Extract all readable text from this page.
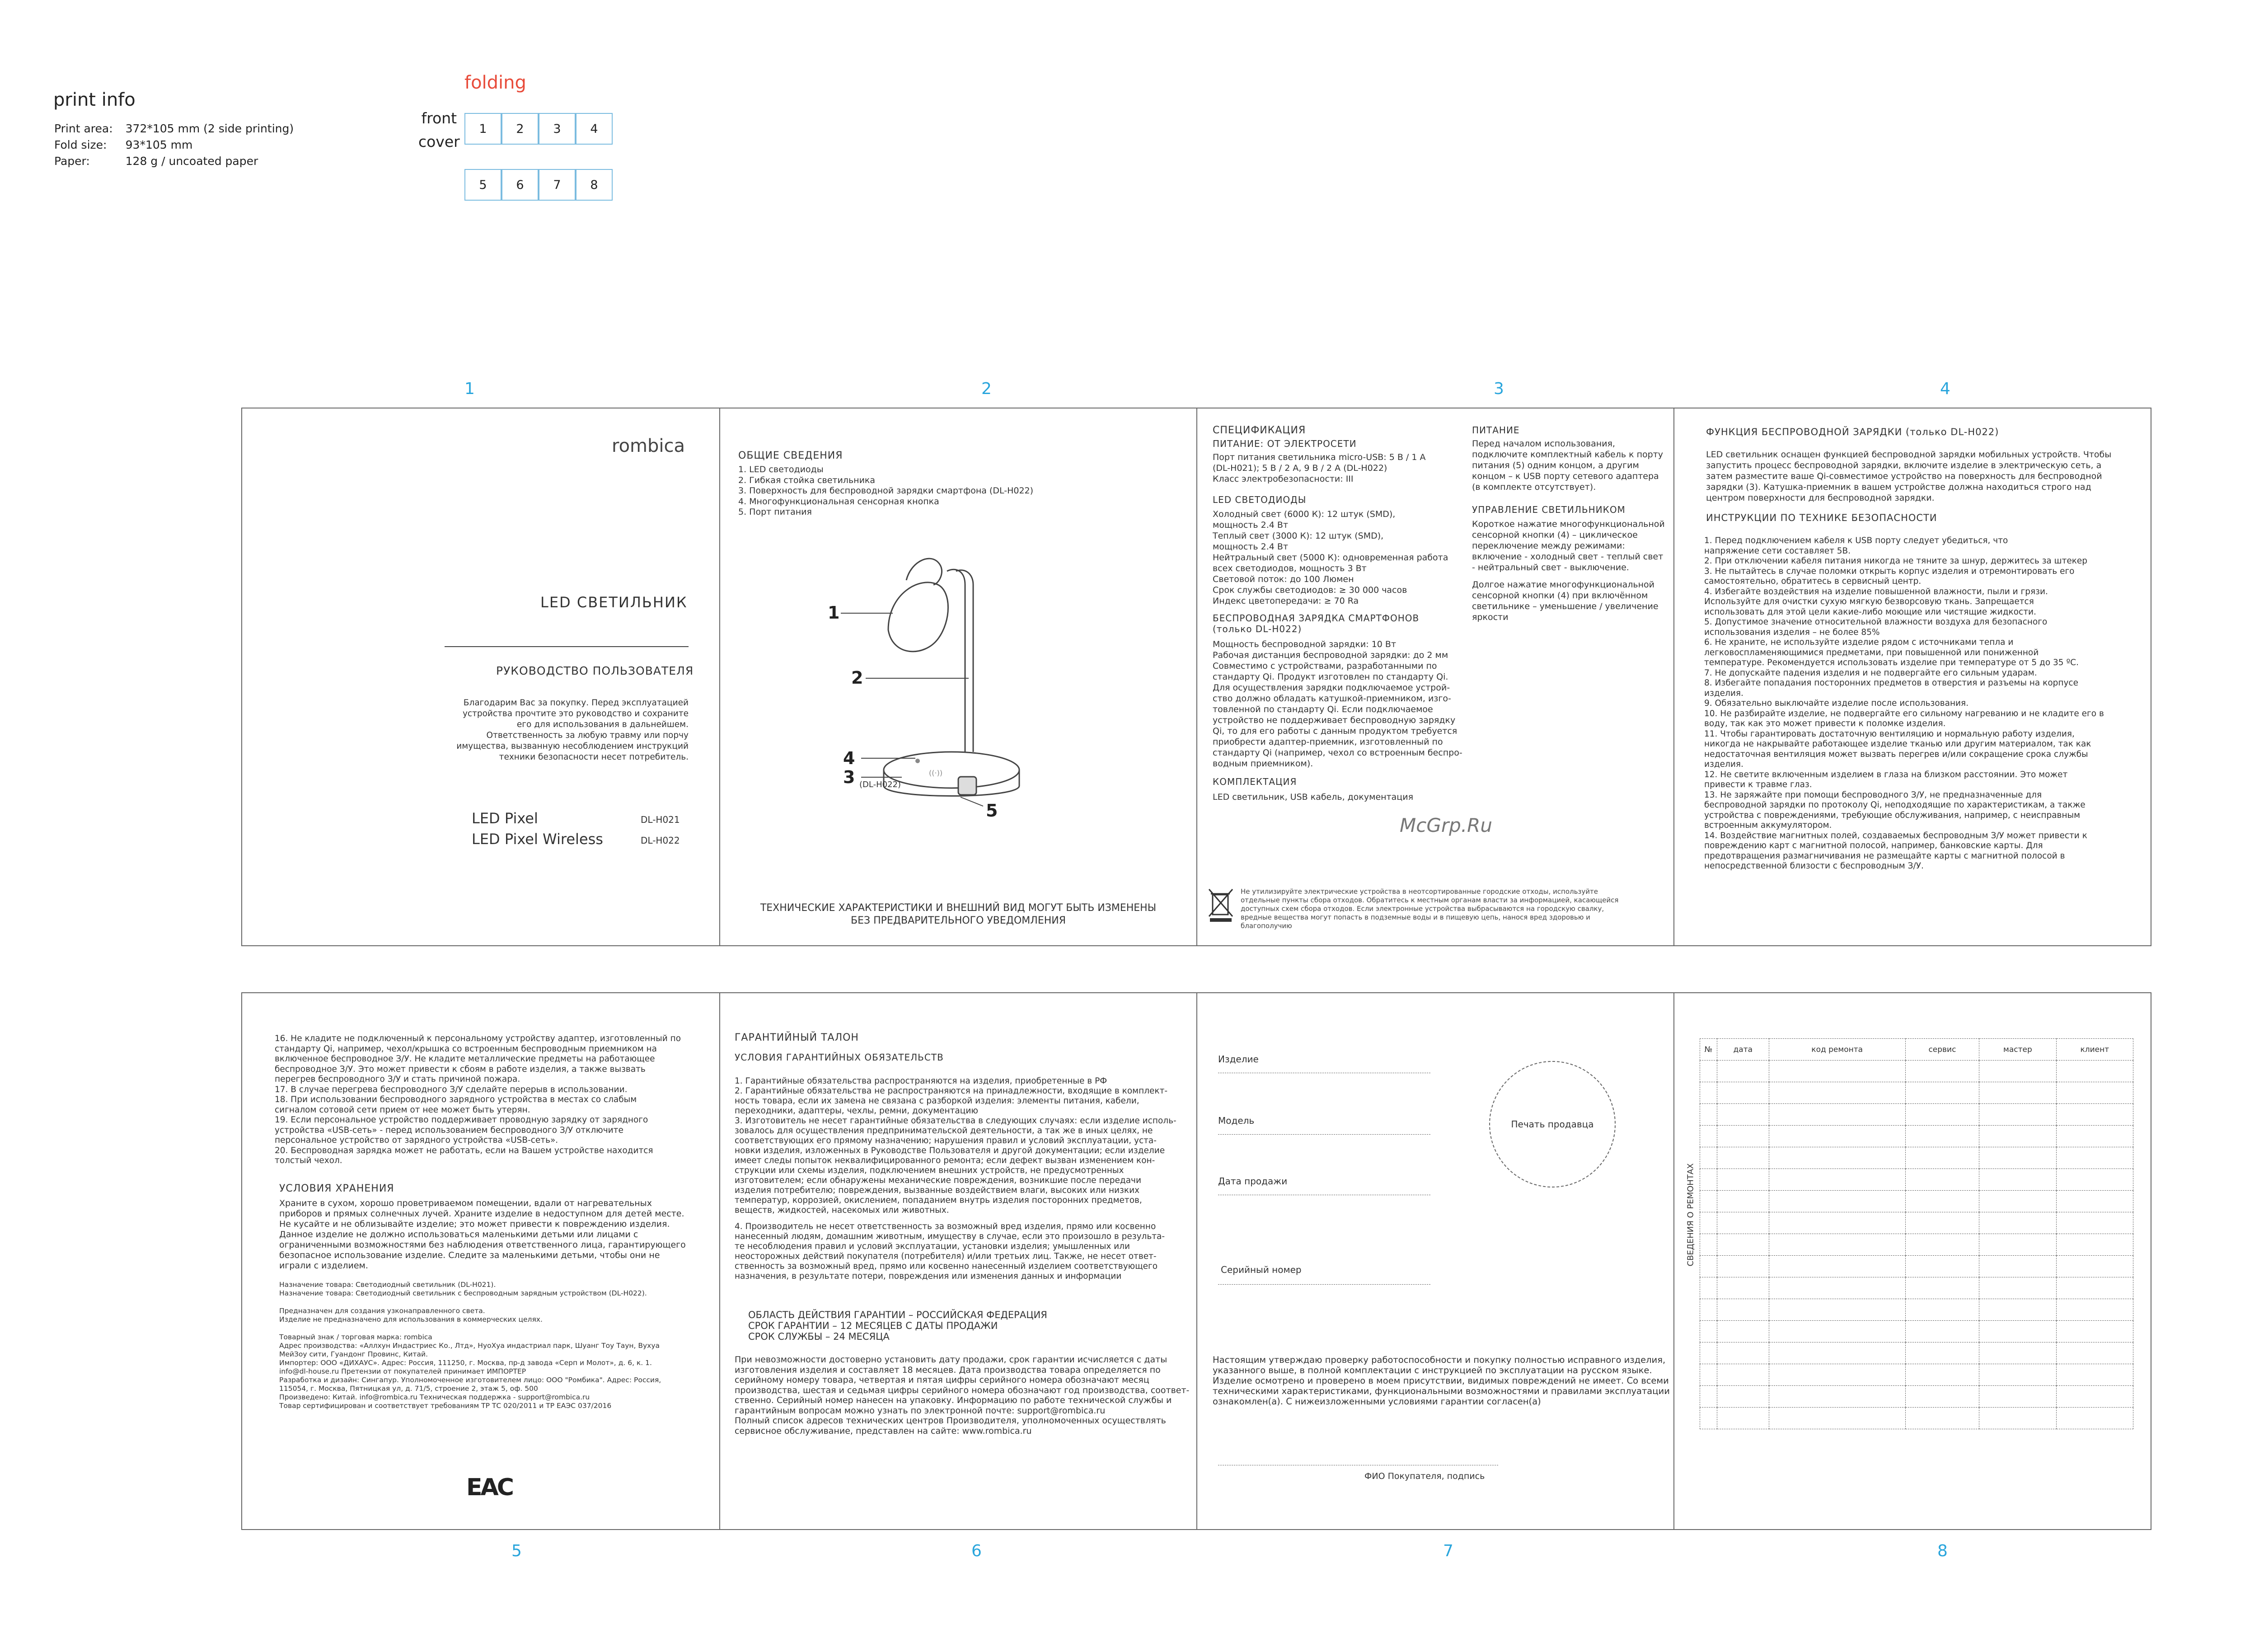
print info
Print area:	372*105 mm (2 side printing)
Fold size:	93*105 mm
Paper:	128 g / uncoated paper
folding
front
cover
1	2	3	4
5	6	7	8
1	2	3	4
5	6	7	8
rombica
LED СВЕТИЛЬНИК
РУКОВОДСТВО ПОЛЬЗОВАТЕЛЯ
Благодарим Вас за покупку. Перед эксплуатацией
устройства прочтите это руководство и сохраните
его для использования в дальнейшем.
Ответственность за любую травму или порчу
имущества, вызванную несоблюдением инструкций
техники безопасности несет потребитель.
LED Pixel	DL-H021
LED Pixel Wireless	DL-H022
ОБЩИЕ СВЕДЕНИЯ
1. LED светодиоды
2. Гибкая стойка светильника
3. Поверхность для беспроводной зарядки смартфона (DL-H022)
4. Многофункциональная сенсорная кнопка
5. Порт питания
((·))
1
2
4
3
5
(DL-H022)
ТЕХНИЧЕСКИЕ ХАРАКТЕРИСТИКИ И ВНЕШНИЙ ВИД МОГУТ БЫТЬ ИЗМЕНЕНЫ
БЕЗ ПРЕДВАРИТЕЛЬНОГО УВЕДОМЛЕНИЯ
СПЕЦИФИКАЦИЯ
ПИТАНИЕ: ОТ ЭЛЕКТРОСЕТИ
Порт питания светильника micro-USB: 5 В / 1 А
(DL-H021); 5 В / 2 А, 9 В / 2 А (DL-H022)
Класс электробезопасности: III
LED СВЕТОДИОДЫ
Холодный свет (6000 К): 12 штук (SMD),
мощность 2.4 Вт
Теплый свет (3000 К): 12 штук (SMD),
мощность 2.4 Вт
Нейтральный свет (5000 К): одновременная работа
всех светодиодов, мощность 3 Вт
Световой поток: до 100 Люмен
Срок службы светодиодов: ≥ 30 000 часов
Индекс цветопередачи: ≥ 70 Ra
БЕСПРОВОДНАЯ ЗАРЯДКА СМАРТФОНОВ
(только DL-H022)
Мощность беспроводной зарядки: 10 Вт
Рабочая дистанция беспроводной зарядки: до 2 мм
Совместимо с устройствами, разработанными по
стандарту Qi. Продукт изготовлен по стандарту Qi.
Для осуществления зарядки подключаемое устрой-
ство должно обладать катушкой-приемником, изго-
товленной по стандарту Qi. Если подключаемое
устройство не поддерживает беспроводную зарядку
Qi, то для его работы с данным продуктом требуется
приобрести адаптер-приемник, изготовленный по
стандарту Qi (например, чехол со встроенным беспро-
водным приемником).
КОМПЛЕКТАЦИЯ
LED светильник, USB кабель, документация
ПИТАНИЕ
Перед началом использования,
подключите комплектный кабель к порту
питания (5) одним концом, а другим
концом – к USB порту сетевого адаптера
(в комплекте отсутствует).
УПРАВЛЕНИЕ СВЕТИЛЬНИКОМ
Короткое нажатие многофункциональной
сенсорной кнопки (4) – циклическое
переключение между режимами:
включение - холодный свет - теплый свет
- нейтральный свет - выключение.
Долгое нажатие многофункциональной
сенсорной кнопки (4) при включённом
светильнике – уменьшение / увеличение
яркости
McGrp.Ru
Не утилизируйте электрические устройства в неотсортированные городские отходы, используйте
отдельные пункты сбора отходов. Обратитесь к местным органам власти за информацией, касающейся
доступных схем сбора отходов. Если электронные устройства выбрасываются на городскую свалку,
вредные вещества могут попасть в подземные воды и в пищевую цепь, нанося вред здоровью и
благополучию
ФУНКЦИЯ БЕСПРОВОДНОЙ ЗАРЯДКИ (только DL-H022)
LED светильник оснащен функцией беспроводной зарядки мобильных устройств. Чтобы
запустить процесс беспроводной зарядки, включите изделие в электрическую сеть, а
затем разместите ваше Qi-совместимое устройство на поверхность для беспроводной
зарядки (3). Катушка-приемник в вашем устройстве должна находиться строго над
центром поверхности для беспроводной зарядки.
ИНСТРУКЦИИ ПО ТЕХНИКЕ БЕЗОПАСНОСТИ
1. Перед подключением кабеля к USB порту следует убедиться, что
напряжение сети составляет 5В.
2. При отключении кабеля питания никогда не тяните за шнур, держитесь за штекер
3. Не пытайтесь в случае поломки открыть корпус изделия и отремонтировать его
самостоятельно, обратитесь в сервисный центр.
4. Избегайте воздействия на изделие повышенной влажности, пыли и грязи.
Используйте для очистки сухую мягкую безворсовую ткань. Запрещается
использовать для этой цели какие-либо моющие или чистящие жидкости.
5. Допустимое значение относительной влажности воздуха для безопасного
использования изделия – не более 85%
6. Не храните, не используйте изделие рядом с источниками тепла и
легковоспламеняющимися предметами, при повышенной или пониженной
температуре. Рекомендуется использовать изделие при температуре от 5 до 35 ºС.
7. Не допускайте падения изделия и не подвергайте его сильным ударам.
8. Избегайте попадания посторонних предметов в отверстия и разъемы на корпусе
изделия.
9. Обязательно выключайте изделие после использования.
10. Не разбирайте изделие, не подвергайте его сильному нагреванию и не кладите его в
воду, так как это может привести к поломке изделия.
11. Чтобы гарантировать достаточную вентиляцию и нормальную работу изделия,
никогда не накрывайте работающее изделие тканью или другим материалом, так как
недостаточная вентиляция может вызвать перегрев и/или сокращение срока службы
изделия.
12. Не светите включенным изделием в глаза на близком расстоянии. Это может
привести к травме глаз.
13. Не заряжайте при помощи беспроводного З/У, не предназначенные для
беспроводной зарядки по протоколу Qi, неподходящие по характеристикам, а также
устройства с повреждениями, требующие обслуживания, например, с неисправным
встроенным аккумулятором.
14. Воздействие магнитных полей, создаваемых беспроводным З/У может привести к
повреждению карт с магнитной полосой, например, банковские карты. Для
предотвращения размагничивания не размещайте карты с магнитной полосой в
непосредственной близости с беспроводным З/У.
16. Не кладите не подключенный к персональному устройству адаптер, изготовленный по
стандарту Qi, например, чехол/крышка со встроенным беспроводным приемником на
включенное беспроводное З/У. Не кладите металлические предметы на работающее
беспроводное З/У. Это может привести к сбоям в работе изделия, а также вызвать
перегрев беспроводного З/У и стать причиной пожара.
17. В случае перегрева беспроводного З/У сделайте перерыв в использовании.
18. При использовании беспроводного зарядного устройства в местах со слабым
сигналом сотовой сети прием от нее может быть утерян.
19. Если персональное устройство поддерживает проводную зарядку от зарядного
устройства «USB-сеть» - перед использованием беспроводного З/У отключите
персональное устройство от зарядного устройства «USB-сеть».
20. Беспроводная зарядка может не работать, если на Вашем устройстве находится
толстый чехол.
УСЛОВИЯ ХРАНЕНИЯ
Храните в сухом, хорошо проветриваемом помещении, вдали от нагревательных
приборов и прямых солнечных лучей. Храните изделие в недоступном для детей месте.
Не кусайте и не облизывайте изделие; это может привести к повреждению изделия.
Данное изделие не должно использоваться маленькими детьми или лицами с
ограниченными возможностями без наблюдения ответственного лица, гарантирующего
безопасное использование изделие. Следите за маленькими детьми, чтобы они не
играли с изделием.
Назначение товара: Светодиодный светильник (DL-H021).
Назначение товара: Светодиодный светильник с беспроводным зарядным устройством (DL-H022).
Предназначен для создания узконаправленного света.
Изделие не предназначено для использования в коммерческих целях.
Товарный знак / торговая марка: rombica
Адрес производства: «Аллхун Индастриес Ко., Лтд», НуоХуа индастриал парк, Шуанг Тоу Таун, Вухуа
МейЗоу сити, Гуандонг Провинс, Китай.
Импортер: ООО «ДИХАУС». Адрес: Россия, 111250, г. Москва, пр-д завода «Серп и Молот», д. 6, к. 1.
info@dl-house.ru Претензии от покупателей принимает ИМПОРТЕР
Разработка и дизайн: Сингапур. Уполномоченное изготовителем лицо: ООО "Ромбика". Адрес: Россия,
115054, г. Москва, Пятницкая ул, д. 71/5, строение 2, этаж 5, оф. 500
Произведено: Китай. info@rombica.ru Техническая поддержка - support@rombica.ru
Товар сертифицирован и соответствует требованиям ТР ТС 020/2011 и ТР ЕАЭС 037/2016
EAC
ГАРАНТИЙНЫЙ ТАЛОН
УСЛОВИЯ ГАРАНТИЙНЫХ ОБЯЗАТЕЛЬСТВ
1. Гарантийные обязательства распространяются на изделия, приобретенные в РФ
2. Гарантийные обязательства не распространяются на принадлежности, входящие в комплект-
ность товара, если их замена не связана с разборкой изделия: элементы питания, кабели,
переходники, адаптеры, чехлы, ремни, документацию
3. Изготовитель не несет гарантийные обязательства в следующих случаях: если изделие исполь-
зовалось для осуществления предпринимательской деятельности, а так же в иных целях, не
соответствующих его прямому назначению; нарушения правил и условий эксплуатации, уста-
новки изделия, изложенных в Руководстве Пользователя и другой документации; если изделие
имеет следы попыток неквалифицированного ремонта; если дефект вызван изменением кон-
струкции или схемы изделия, подключением внешних устройств, не предусмотренных
изготовителем; если обнаружены механические повреждения, возникшие после передачи
изделия потребителю; повреждения, вызванные воздействием влаги, высоких или низких
температур, коррозией, окислением, попаданием внутрь изделия посторонних предметов,
веществ, жидкостей, насекомых или животных.
4. Производитель не несет ответственность за возможный вред изделия, прямо или косвенно
нанесенный людям, домашним животным, имуществу в случае, если это произошло в результа-
те несоблюдения правил и условий эксплуатации, установки изделия; умышленных или
неосторожных действий покупателя (потребителя) и/или третьих лиц. Также, не несет ответ-
ственность за возможный вред, прямо или косвенно нанесенный изделием соответствующего
назначения, в результате потери, повреждения или изменения данных и информации
ОБЛАСТЬ ДЕЙСТВИЯ ГАРАНТИИ – РОССИЙСКАЯ ФЕДЕРАЦИЯ
СРОК ГАРАНТИИ – 12 МЕСЯЦЕВ С ДАТЫ ПРОДАЖИ
СРОК СЛУЖБЫ – 24 МЕСЯЦА
При невозможности достоверно установить дату продажи, срок гарантии исчисляется с даты
изготовления изделия и составляет 18 месяцев. Дата производства товара определяется по
серийному номеру товара, четвертая и пятая цифры серийного номера обозначают месяц
производства, шестая и седьмая цифры серийного номера обозначают год производства, соответ-
ственно. Серийный номер нанесен на упаковку. Информацию по работе технической службы и
гарантийным вопросам можно узнать по электронной почте: support@rombica.ru
Полный список адресов технических центров Производителя, уполномоченных осуществлять
сервисное обслуживание, представлен на сайте: www.rombica.ru
Изделие
Модель
Дата продажи
Серийный номер
Печать продавца
Настоящим утверждаю проверку работоспособности и покупку полностью исправного изделия,
указанного выше, в полной комплектации с инструкцией по эксплуатации на русском языке.
Изделие осмотрено и проверено в моем присутствии, видимых повреждений не имеет. Со всеми
техническими характеристиками, функциональными возможностями и правилами эксплуатации
ознакомлен(а). С нижеизложенными условиями гарантии согласен(а)
ФИО Покупателя, подпись
СВЕДЕНИЯ О РЕМОНТАХ
№	дата	код ремонта	сервис	мастер	клиент
